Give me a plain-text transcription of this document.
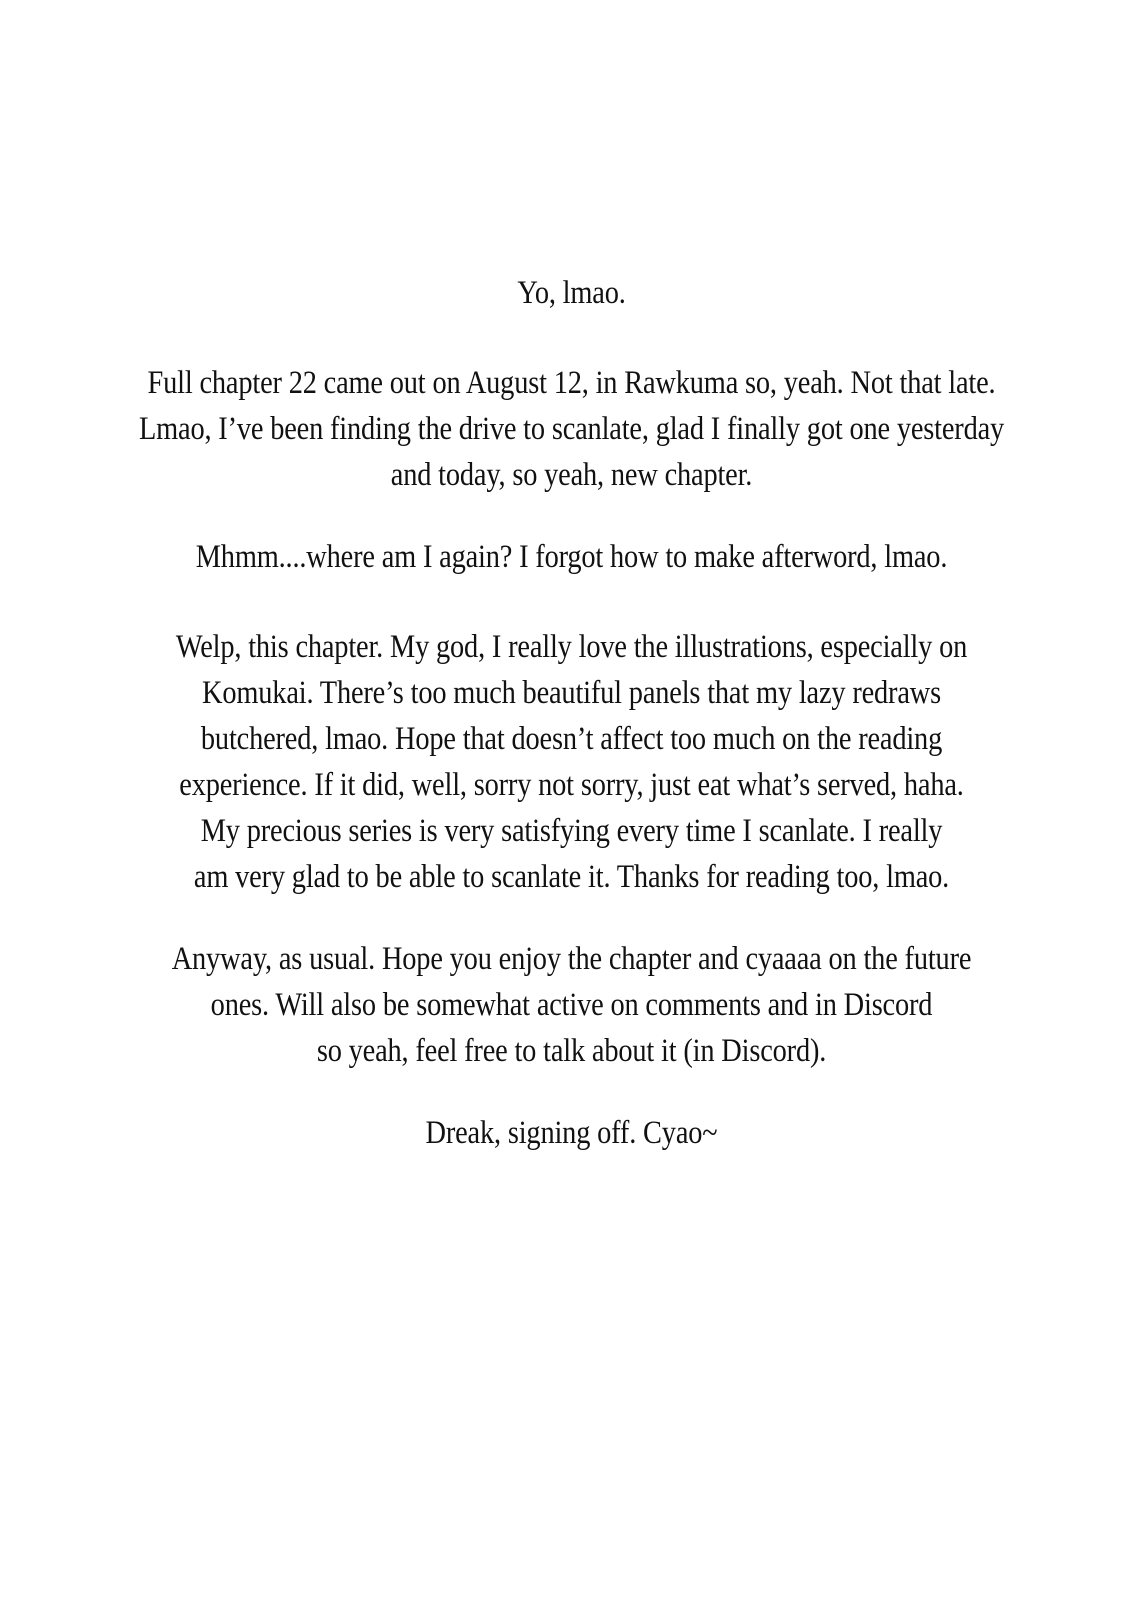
Yo, lmao.
Full chapter 22 came out on August 12, in Rawkuma so, yeah. Not that late.
Lmao, I’ve been finding the drive to scanlate, glad I finally got one yesterday
and today, so yeah, new chapter.
Mhmm....where am I again? I forgot how to make afterword, lmao.
Welp, this chapter. My god, I really love the illustrations, especially on
Komukai. There’s too much beautiful panels that my lazy redraws
butchered, lmao. Hope that doesn’t affect too much on the reading
experience. If it did, well, sorry not sorry, just eat what’s served, haha.
My precious series is very satisfying every time I scanlate. I really
am very glad to be able to scanlate it. Thanks for reading too, lmao.
Anyway, as usual. Hope you enjoy the chapter and cyaaaa on the future
ones. Will also be somewhat active on comments and in Discord
so yeah, feel free to talk about it (in Discord).
Dreak, signing off. Cyao~
